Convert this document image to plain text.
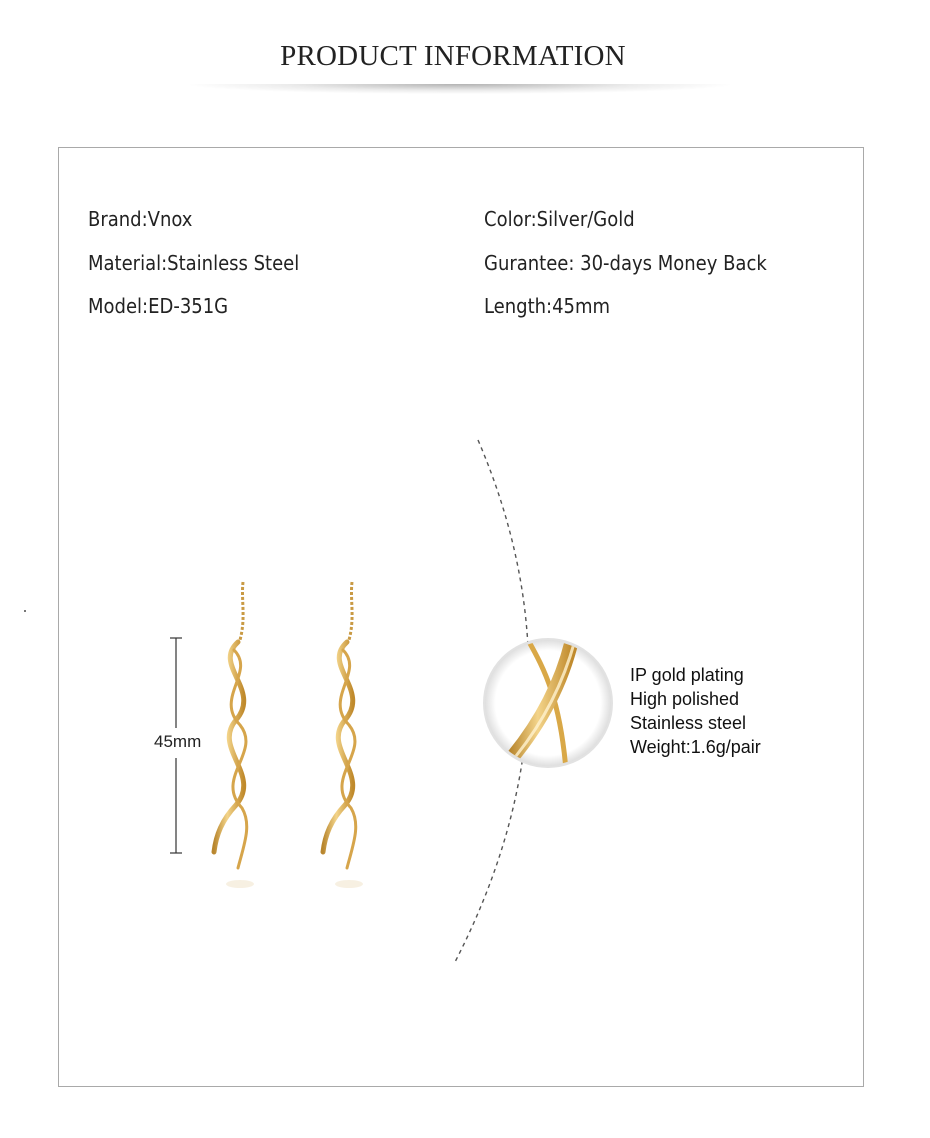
PRODUCT INFORMATION
Brand:Vnox
Material:Stainless Steel
Model:ED-351G
Color:Silver/Gold
Gurantee: 30-days Money Back
Length:45mm
45mm
IP gold plating
High polished
Stainless steel
Weight:1.6g/pair
